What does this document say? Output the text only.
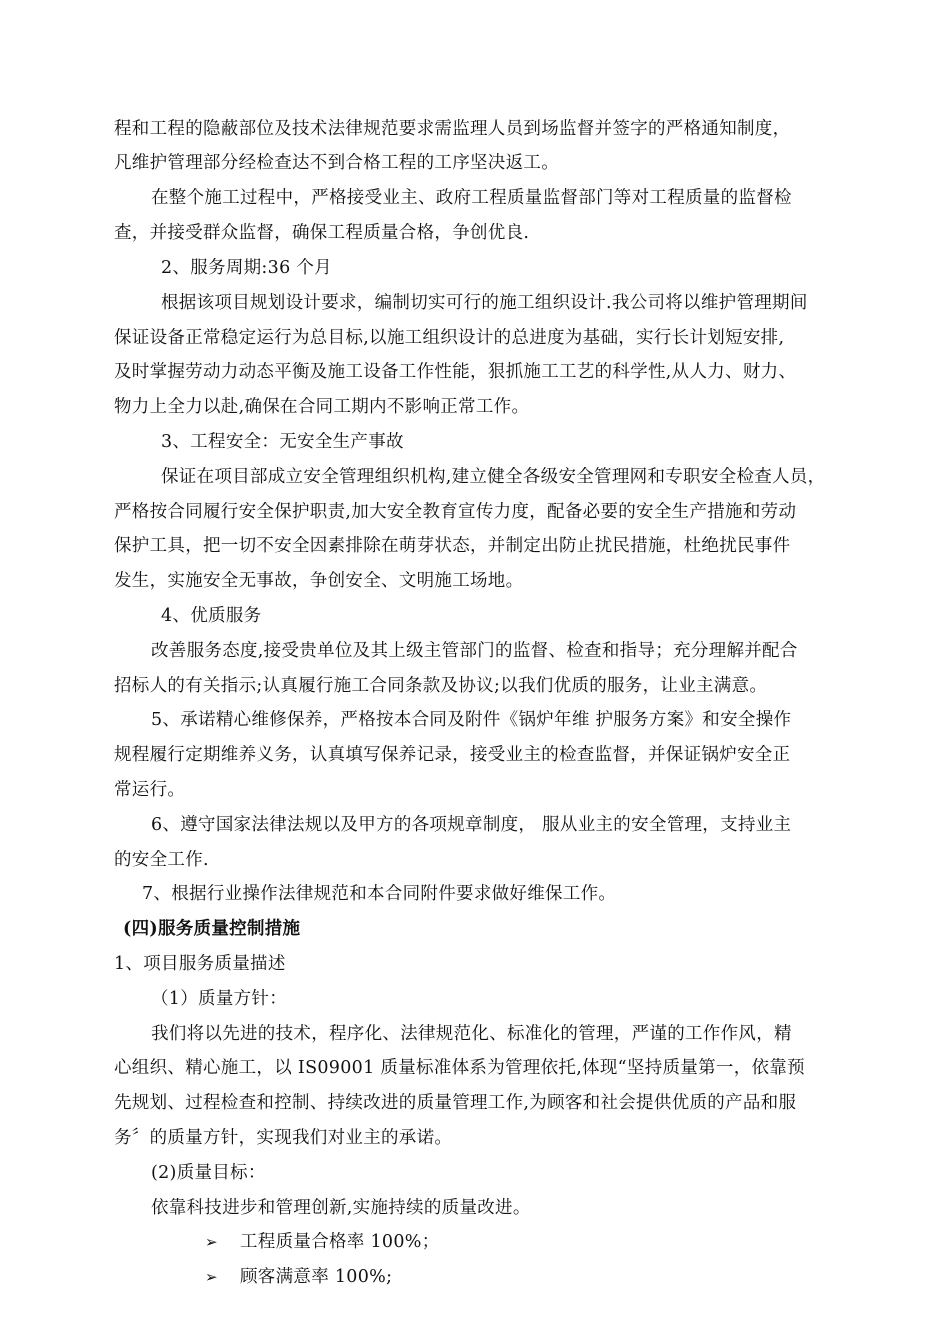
程和工程的隐蔽部位及技术法律规范要求需监理人员到场监督并签字的严格通知制度，
凡维护管理部分经检查达不到合格工程的工序坚决返工。
在整个施工过程中，严格接受业主、政府工程质量监督部门等对工程质量的监督检
查，并接受群众监督，确保工程质量合格，争创优良.
2、服务周期:36 个月
根据该项目规划设计要求，编制切实可行的施工组织设计.我公司将以维护管理期间
保证设备正常稳定运行为总目标,以施工组织设计的总进度为基础，实行长计划短安排,
及时掌握劳动力动态平衡及施工设备工作性能，狠抓施工工艺的科学性,从人力、财力、
物力上全力以赴,确保在合同工期内不影响正常工作。
3、工程安全：无安全生产事故
保证在项目部成立安全管理组织机构,建立健全各级安全管理网和专职安全检查人员，
严格按合同履行安全保护职责,加大安全教育宣传力度，配备必要的安全生产措施和劳动
保护工具，把一切不安全因素排除在萌芽状态，并制定出防止扰民措施，杜绝扰民事件
发生，实施安全无事故，争创安全、文明施工场地。
4、优质服务
改善服务态度,接受贵单位及其上级主管部门的监督、检查和指导；充分理解并配合
招标人的有关指示;认真履行施工合同条款及协议;以我们优质的服务，让业主满意。
5、承诺精心维修保养，严格按本合同及附件《锅炉年维 护服务方案》和安全操作
规程履行定期维养义务，认真填写保养记录，接受业主的检查监督，并保证锅炉安全正
常运行。
6、遵守国家法律法规以及甲方的各项规章制度， 服从业主的安全管理，支持业主
的安全工作.
7、根据行业操作法律规范和本合同附件要求做好维保工作。
(四)服务质量控制措施
1、项目服务质量描述
（1）质量方针：
我们将以先进的技术，程序化、法律规范化、标准化的管理，严谨的工作作风，精
心组织、精心施工，以 IS09001 质量标准体系为管理依托,体现“坚持质量第一，依靠预
先规划、过程检查和控制、持续改进的质量管理工作,为顾客和社会提供优质的产品和服
务〞的质量方针，实现我们对业主的承诺。
(2)质量目标：
依靠科技进步和管理创新,实施持续的质量改进。
➢ 工程质量合格率 100%；
➢ 顾客满意率 100%;
